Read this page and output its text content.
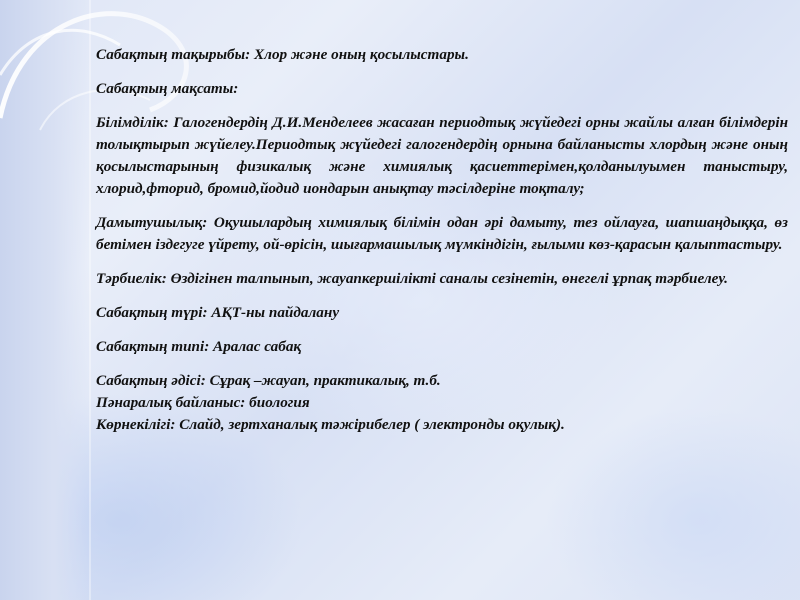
Сабақтың тақырыбы: Хлор және оның қосылыстары.

Сабақтың мақсаты:

Білімділік: Галогендердің Д.И.Менделеев жасаған периодтық жүйедегі орны жайлы алған білімдерін толықтырып жүйелеу.Периодтық жүйедегі галогендердің орнына байланысты хлордың және оның қосылыстарының физикалық және химиялық қасиеттерімен,қолданылуымен таныстыру, хлорид,фторид, бромид,йодид иондарын анықтау тәсілдеріне тоқталу;

Дамытушылық: Оқушылардың химиялық білімін одан әрі дамыту, тез ойлауға, шапшаңдыққа, өз бетімен іздегуге үйрету, ой-өрісін, шығармашылық мүмкіндігін, ғылыми көз-қарасын қалыптастыру.

Тәрбиелік: Өздігінен талпынып, жауапкершілікті саналы сезінетін, өнегелі ұрпақ тәрбиелеу.

Сабақтың түрі: АҚТ-ны пайдалану

Сабақтың типі: Аралас сабақ

Сабақтың әдісі: Сұрақ –жауап, практикалық, т.б.

Пәнаралық байланыс: биология

Көрнекілігі: Слайд, зертханалық тәжірибелер ( электронды оқулық).
